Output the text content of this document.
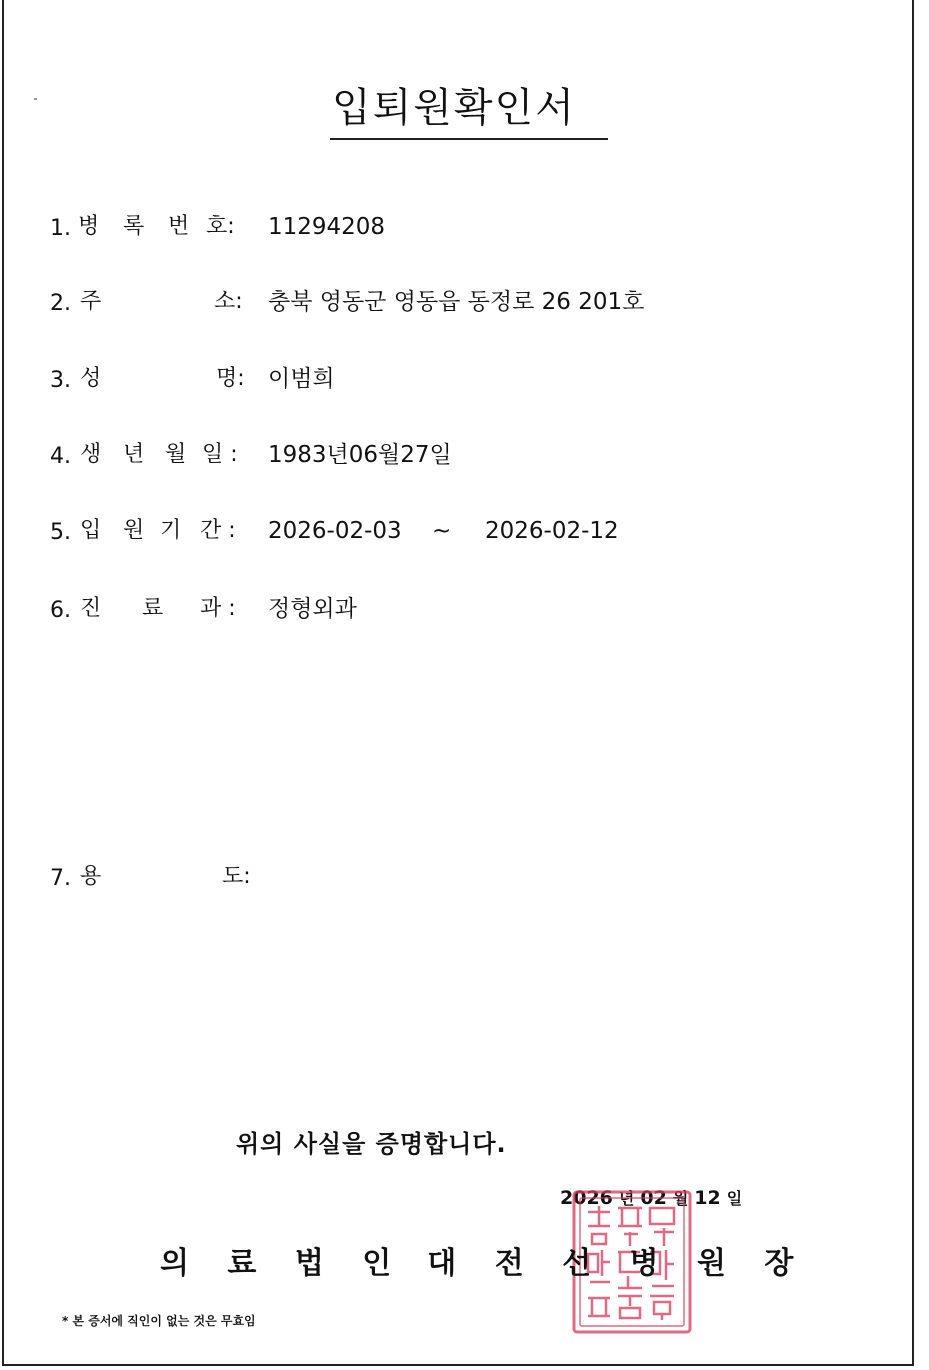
입퇴원확인서
1. 병 록 번 호: 11294208
2. 주	소: 충북 영동군 영동읍 동정로 26 201호
3. 성	명: 이범희
4. 생 년 월 일 : 1983년06월27일
5. 입 원 기 간 : 2026-02-03 ~ 2026-02-12
6. 진 료 과 : 정형외과
7. 용	도:
위의 사실을 증명합니다.
2026 년 02 월 12 일
의 료 법 인 대 전 선 병 원 장
* 본 증서에 직인이 없는 것은 무효임
